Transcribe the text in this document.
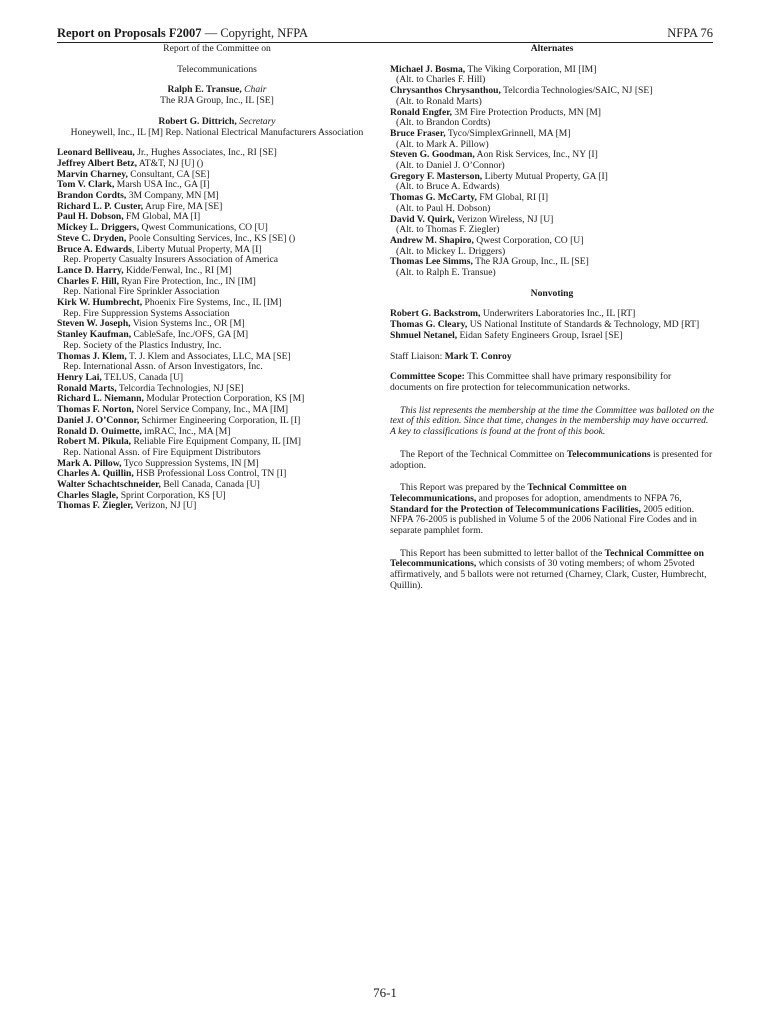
Report on Proposals F2007 — Copyright, NFPA	NFPA 76
Report of the Committee on
Telecommunications
Ralph E. Transue, Chair
The RJA Group, Inc., IL [SE]
Robert G. Dittrich, Secretary
Honeywell, Inc., IL [M] Rep. National Electrical Manufacturers Association
Leonard Belliveau, Jr., Hughes Associates, Inc., RI [SE]
Jeffrey Albert Betz, AT&T, NJ [U] ()
Marvin Charney, Consultant, CA [SE]
Tom V. Clark, Marsh USA Inc., GA [I]
Brandon Cordts, 3M Company, MN [M]
Richard L. P. Custer, Arup Fire, MA [SE]
Paul H. Dobson, FM Global, MA [I]
Mickey L. Driggers, Qwest Communications, CO [U]
Steve C. Dryden, Poole Consulting Services, Inc., KS [SE] ()
Bruce A. Edwards, Liberty Mutual Property, MA [I]
Rep. Property Casualty Insurers Association of America
Lance D. Harry, Kidde/Fenwal, Inc., RI [M]
Charles F. Hill, Ryan Fire Protection, Inc., IN [IM]
Rep. National Fire Sprinkler Association
Kirk W. Humbrecht, Phoenix Fire Systems, Inc., IL [IM]
Rep. Fire Suppression Systems Association
Steven W. Joseph, Vision Systems Inc., OR [M]
Stanley Kaufman, CableSafe, Inc./OFS, GA [M]
Rep. Society of the Plastics Industry, Inc.
Thomas J. Klem, T. J. Klem and Associates, LLC, MA [SE]
Rep. International Assn. of Arson Investigators, Inc.
Henry Lai, TELUS, Canada [U]
Ronald Marts, Telcordia Technologies, NJ [SE]
Richard L. Niemann, Modular Protection Corporation, KS [M]
Thomas F. Norton, Norel Service Company, Inc., MA [IM]
Daniel J. O’Connor, Schirmer Engineering Corporation, IL [I]
Ronald D. Ouimette, imRAC, Inc., MA [M]
Robert M. Pikula, Reliable Fire Equipment Company, IL [IM]
Rep. National Assn. of Fire Equipment Distributors
Mark A. Pillow, Tyco Suppression Systems, IN [M]
Charles A. Quillin, HSB Professional Loss Control, TN [I]
Walter Schachtschneider, Bell Canada, Canada [U]
Charles Slagle, Sprint Corporation, KS [U]
Thomas F. Ziegler, Verizon, NJ [U]
Alternates
Michael J. Bosma, The Viking Corporation, MI [IM]
(Alt. to Charles F. Hill)
Chrysanthos Chrysanthou, Telcordia Technologies/SAIC, NJ [SE]
(Alt. to Ronald Marts)
Ronald Engfer, 3M Fire Protection Products, MN [M]
(Alt. to Brandon Cordts)
Bruce Fraser, Tyco/SimplexGrinnell, MA [M]
(Alt. to Mark A. Pillow)
Steven G. Goodman, Aon Risk Services, Inc., NY [I]
(Alt. to Daniel J. O’Connor)
Gregory F. Masterson, Liberty Mutual Property, GA [I]
(Alt. to Bruce A. Edwards)
Thomas G. McCarty, FM Global, RI [I]
(Alt. to Paul H. Dobson)
David V. Quirk, Verizon Wireless, NJ [U]
(Alt. to Thomas F. Ziegler)
Andrew M. Shapiro, Qwest Corporation, CO [U]
(Alt. to Mickey L. Driggers)
Thomas Lee Simms, The RJA Group, Inc., IL [SE]
(Alt. to Ralph E. Transue)
Nonvoting
Robert G. Backstrom, Underwriters Laboratories Inc., IL [RT]
Thomas G. Cleary, US National Institute of Standards & Technology, MD [RT]
Shmuel Netanel, Eidan Safety Engineers Group, Israel [SE]
Staff Liaison: Mark T. Conroy

Committee Scope: This Committee shall have primary responsibility for documents on fire protection for telecommunication networks.

This list represents the membership at the time the Committee was balloted on the text of this edition. Since that time, changes in the membership may have occurred. A key to classifications is found at the front of this book.

The Report of the Technical Committee on Telecommunications is presented for adoption.

This Report was prepared by the Technical Committee on Telecommunications, and proposes for adoption, amendments to NFPA 76, Standard for the Protection of Telecommunications Facilities, 2005 edition. NFPA 76-2005 is published in Volume 5 of the 2006 National Fire Codes and in separate pamphlet form.

This Report has been submitted to letter ballot of the Technical Committee on Telecommunications, which consists of 30 voting members; of whom 25voted affirmatively, and 5 ballots were not returned (Charney, Clark, Custer, Humbrecht, Quillin).

76-1
